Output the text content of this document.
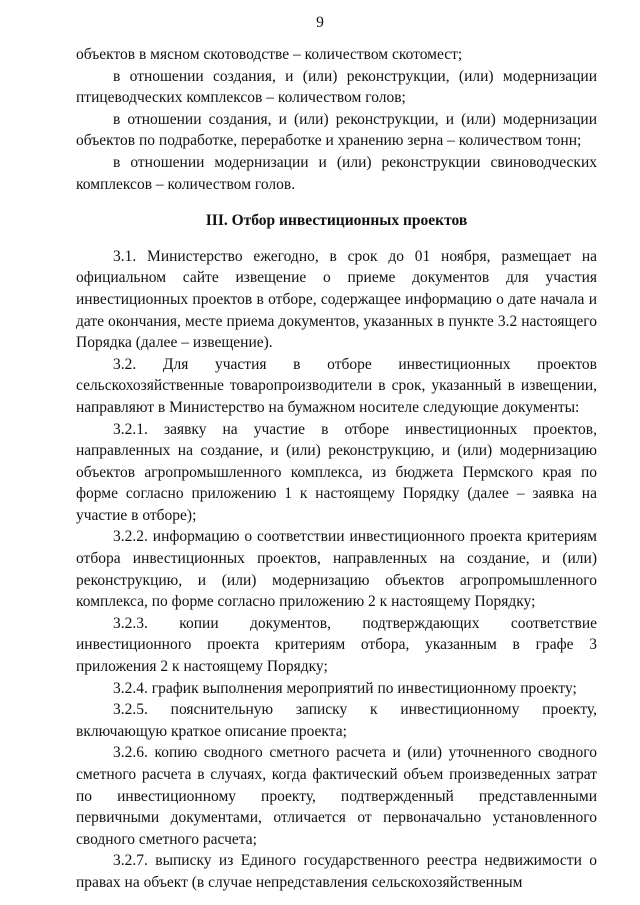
9

объектов в мясном скотоводстве – количеством скотомест;

в отношении создания, и (или) реконструкции, (или) модернизации птицеводческих комплексов – количеством голов;

в отношении создания, и (или) реконструкции, и (или) модернизации объектов по подработке, переработке и хранению зерна – количеством тонн;

в отношении модернизации и (или) реконструкции свиноводческих комплексов – количеством голов.

III. Отбор инвестиционных проектов

3.1. Министерство ежегодно, в срок до 01 ноября, размещает на официальном сайте извещение о приеме документов для участия инвестиционных проектов в отборе, содержащее информацию о дате начала и дате окончания, месте приема документов, указанных в пункте 3.2 настоящего Порядка (далее – извещение).

3.2. Для участия в отборе инвестиционных проектов сельскохозяйственные товаропроизводители в срок, указанный в извещении, направляют в Министерство на бумажном носителе следующие документы:

3.2.1. заявку на участие в отборе инвестиционных проектов, направленных на создание, и (или) реконструкцию, и (или) модернизацию объектов агропромышленного комплекса, из бюджета Пермского края по форме согласно приложению 1 к настоящему Порядку (далее – заявка на участие в отборе);

3.2.2. информацию о соответствии инвестиционного проекта критериям отбора инвестиционных проектов, направленных на создание, и (или) реконструкцию, и (или) модернизацию объектов агропромышленного комплекса, по форме согласно приложению 2 к настоящему Порядку;

3.2.3. копии документов, подтверждающих соответствие инвестиционного проекта критериям отбора, указанным в графе 3 приложения 2 к настоящему Порядку;

3.2.4. график выполнения мероприятий по инвестиционному проекту;

3.2.5. пояснительную записку к инвестиционному проекту, включающую краткое описание проекта;

3.2.6. копию сводного сметного расчета и (или) уточненного сводного сметного расчета в случаях, когда фактический объем произведенных затрат по инвестиционному проекту, подтвержденный представленными первичными документами, отличается от первоначально установленного сводного сметного расчета;

3.2.7. выписку из Единого государственного реестра недвижимости о правах на объект (в случае непредставления сельскохозяйственным
